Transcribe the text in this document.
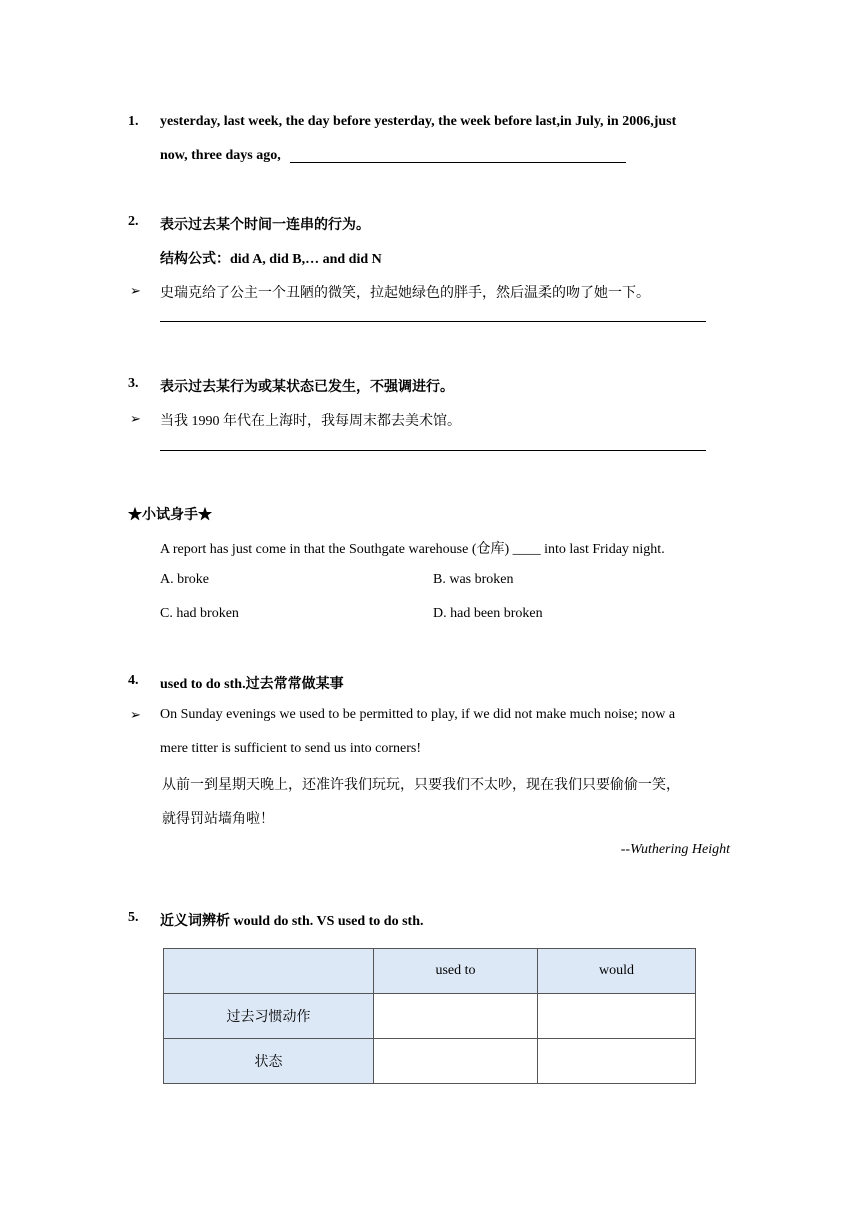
1.	yesterday, last week, the day before yesterday, the week before last,in July, in 2006,just
now, three days ago,
2.	表示过去某个时间一连串的行为。
结构公式：did A, did B,… and did N
➢ 史瑞克给了公主一个丑陋的微笑，拉起她绿色的胖手，然后温柔的吻了她一下。
3.	表示过去某行为或某状态已发生，不强调进行。
➢ 当我 1990 年代在上海时，我每周末都去美术馆。
★小试身手★
A report has just come in that the Southgate warehouse (仓库) ____ into last Friday night.
A. broke	B. was broken
C. had broken	D. had been broken
4.	used to do sth.过去常常做某事
➢ On Sunday evenings we used to be permitted to play, if we did not make much noise; now a
mere titter is sufficient to send us into corners!
从前一到星期天晚上，还准许我们玩玩，只要我们不太吵，现在我们只要偷偷一笑，
就得罚站墙角啦！
--Wuthering Height
5.	近义词辨析 would do sth. VS used to do sth.
	used to	would
过去习惯动作		
状态		
